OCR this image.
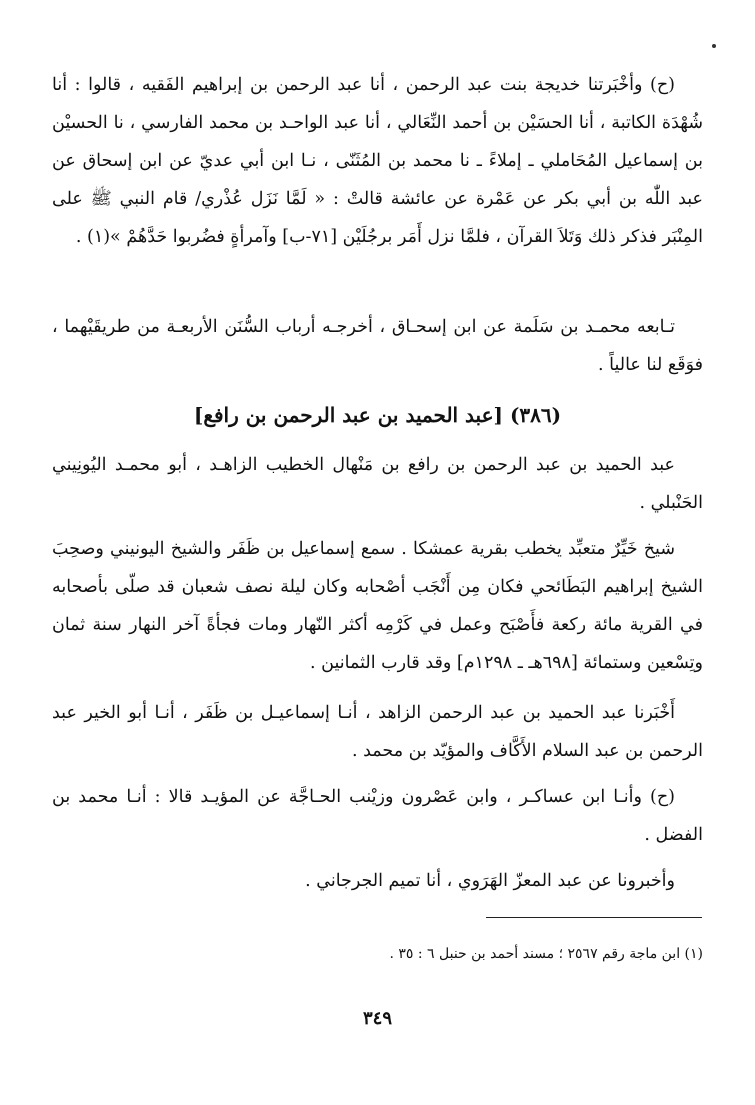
(ح) وأخْبَرتنا خديجة بنت عبد الرحمن ، أنا عبد الرحمن بن إبراهيم الفَقيه ، قالوا : أنا شُهْدَة الكاتبة ، أنا الحسَيْن بن أحمد النِّعَالي ، أنا عبد الواحـد بن محمد الفارسي ، نا الحسيْن بن إسماعيل المُحَاملي ـ إملاءً ـ نا محمد بن المُثَنّى ، نـا ابن أبي عديّ عن ابن إسحاق عن عبد اللّٰه بن أبي بكر عن عَمْرة عن عائشة قالتْ : « لَمَّا نَزَل عُذْري/ قام النبي ﷺ على المِنْبَر فذكر ذلك وَتَلاَ القرآن ، فلمَّا نزل أَمَر برجُلَيْن [٧١-ب] وآمرأةٍ فضُربوا حَدَّهُمْ »(١) .

تـابعه محمـد بن سَلَمة عن ابن إسحـاق ، أخرجـه أرباب السُّنَن الأربعـة من طريقَيْهما ، فوَقَع لنا عالياً .

(٣٨٦) [عبد الحميد بن عبد الرحمن بن رافع]

عبد الحميد بن عبد الرحمن بن رافع بن مَنْهال الخطيب الزاهـد ، أبو محمـد اليُونِيني الحَنْبلي .

شيخ خَيِّرٌ متعبِّد يخطب بقرية عمشكا . سمع إسماعيل بن ظَفَر والشيخ اليونيني وصحِبَ الشيخ إبراهيم البَطَائحي فكان مِن أَنْجَب أصْحابه وكان ليلة نصف شعبان قد صلّى بأصحابه في القرية مائة ركعة فأَصْبَح وعمل في كَرْمِه أكثر النّهار ومات فجأةً آخر النهار سنة ثمان وتِسْعين وستمائة [٦٩٨هـ ـ ١٢٩٨م] وقد قارب الثمانين .

أَخْبَرنا عبد الحميد بن عبد الرحمن الزاهد ، أنـا إسماعيـل بن ظَفَر ، أنـا أبو الخير عبد الرحمن بن عبد السلام الأَكَّاف والمؤيّد بن محمد .

(ح) وأنـا ابن عساكـر ، وابن عَصْرون وزيْنب الحـاجَّة عن المؤيـد قالا : أنـا محمد بن الفضل .

وأخبرونا عن عبد المعزّ الهَرَوي ، أنا تميم الجرجاني .

(١) ابن ماجة رقم ٢٥٦٧ ؛ مسند أحمد بن حنبل ٦ : ٣٥ .
٣٤٩
